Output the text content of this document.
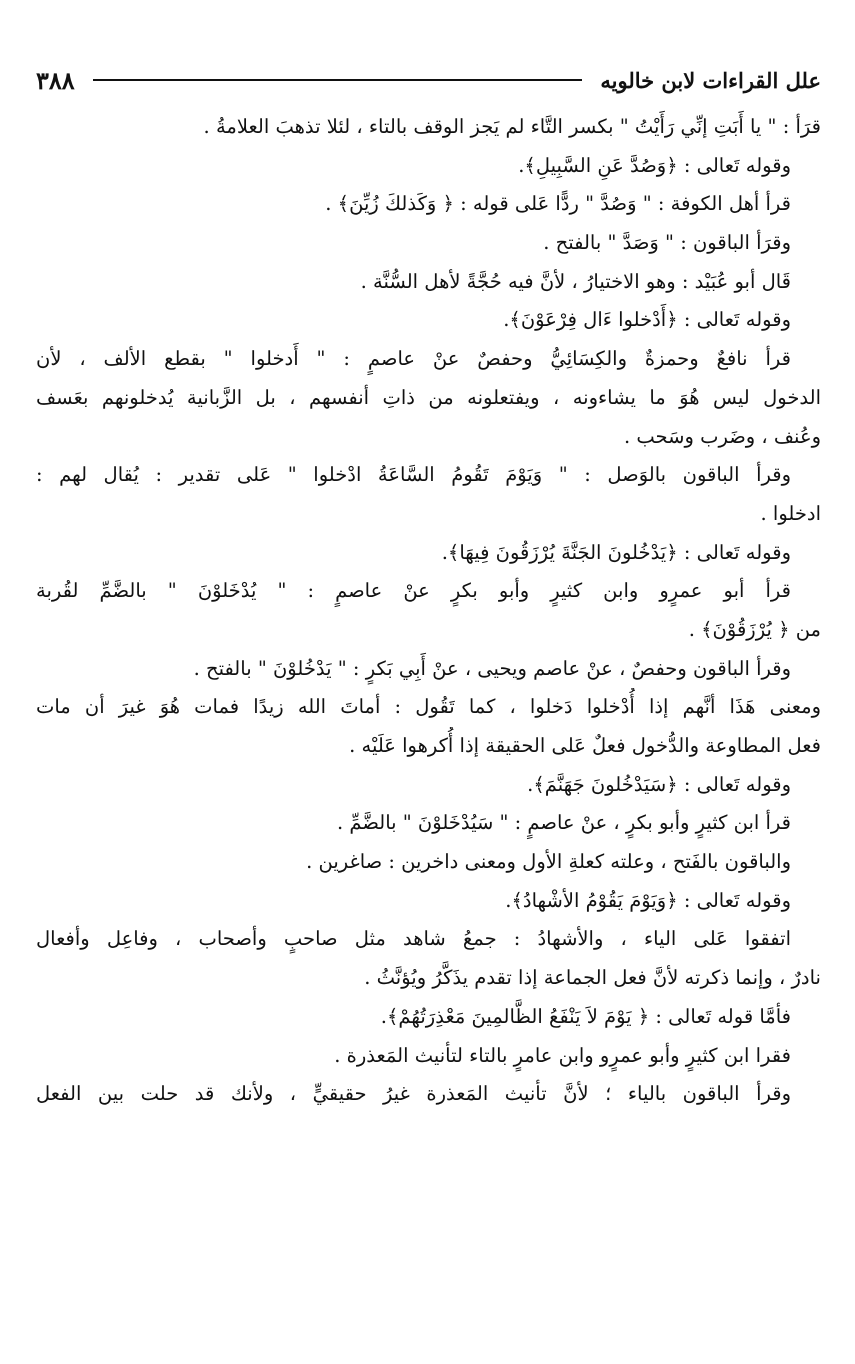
٣٨٨	علل القراءات لابن خالويه
قرَأ : " يا أَبَتِ إنِّي رَأَيْتُ " بكسر التَّاء لم يَجز الوقف بالتاء ، لئلا تذهبَ العلامةُ .
وقوله تَعالى : ﴿وَصُدَّ عَنِ السَّبِيلِ﴾.
قرأ أهل الكوفة : " وَصُدَّ " ردًّا عَلى قوله : ﴿ وَكَذلكَ زُيِّنَ﴾ .
وقرَأ الباقون : " وَصَدَّ " بالفتح .
قَال أبو عُبَيْد : وهو الاختيارُ ، لأنَّ فيه حُجَّةً لأهل السُّنَّة .
وقوله تَعالى : ﴿أَدْخلوا ءَال فِرْعَوْنَ﴾.
قرأ نافعٌ وحمزةٌ والكِسَائِيُّ وحفصٌ عنْ عاصمٍ : " أَدخلوا " بقطع الألف ، لأن
الدخول ليس هُوَ ما يشاءونه ، ويفتعلونه من ذاتِ أنفسهم ، بل الزَّبانية يُدخلونهم بعَسف
وعُنف ، وضَرب وسَحب .
وقرأ الباقون بالوَصل : " وَيَوْمَ تَقُومُ السَّاعَةُ ادْخلوا " عَلى تقدير : يُقال لهم :
ادخلوا .
وقوله تَعالى : ﴿يَدْخُلونَ الجَنَّةَ يُرْزَقُونَ فِيهَا﴾.
قرأ أبو عمرٍو وابن كثيرٍ وأبو بكرٍ عنْ عاصمٍ : " يُدْخَلوْنَ " بالضَّمِّ لقُربة
من ﴿ يُرْزَقُوْنَ﴾ .
وقرأ الباقون وحفصٌ ، عنْ عاصم ويحيى ، عنْ أَبِي بَكرٍ : " يَدْخُلوْنَ " بالفتح .
ومعنى هَذَا أنَّهم إذا أُدْخلوا دَخلوا ، كما تَقُول : أماتَ الله زيدًا فمات هُوَ غيرَ أن مات
فعل المطاوعة والدُّخول فعلٌ عَلى الحقيقة إذا أُكرهوا عَلَيْه .
وقوله تَعالى : ﴿سَيَدْخُلونَ جَهَنَّمَ﴾.
قرأ ابن كثيرٍ وأبو بكرٍ ، عنْ عاصمٍ : " سَيُدْخَلوْنَ " بالضَّمِّ .
والباقون بالفَتح ، وعلته كعلةِ الأول ومعنى داخرين : صاغرين .
وقوله تَعالى : ﴿وَيَوْمَ يَقُوْمُ الأشْهادُ﴾.
اتفقوا عَلى الياء ، والأشهادُ : جمعُ شاهد مثل صاحبٍ وأصحاب ، وفاعِل وأفعال
نادرٌ ، وإنما ذكرته لأنَّ فعل الجماعة إذا تقدم يذَكَّرُ ويُؤنَّثُ .
فأمَّا قوله تَعالى : ﴿ يَوْمَ لاَ يَنْفَعُ الظَّالمِينَ مَعْذِرَتُهُمْ﴾.
فقرا ابن كثيرٍ وأبو عمرٍو وابن عامرٍ بالتاء لتأنيث المَعذرة .
وقرأ الباقون بالياء ؛ لأنَّ تأنيث المَعذرة غيرُ حقيقيٍّ ، ولأنك قد حلت بين الفعل
